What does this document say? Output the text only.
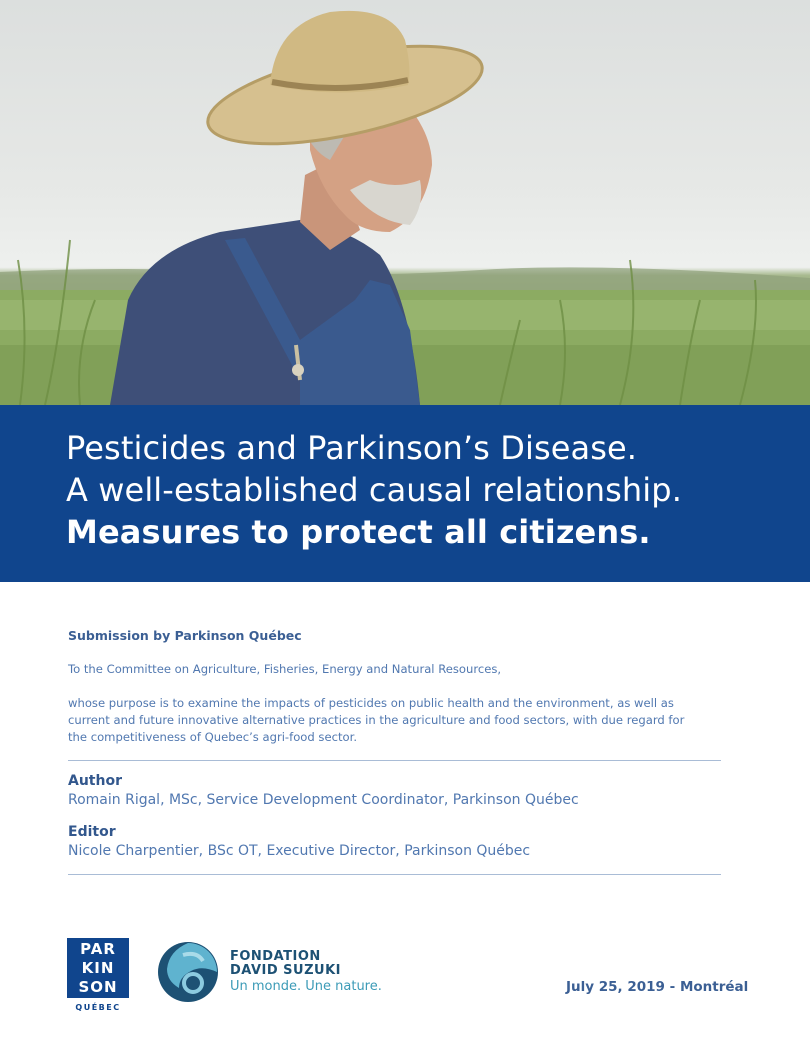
Pesticides and Parkinson’s Disease.
A well-established causal relationship.
Measures to protect all citizens.
Submission by Parkinson Québec
To the Committee on Agriculture, Fisheries, Energy and Natural Resources,
whose purpose is to examine the impacts of pesticides on public health and the environment, as well as
current and future innovative alternative practices in the agriculture and food sectors, with due regard for
the competitiveness of Quebec’s agri-food sector.
Author
Romain Rigal, MSc, Service Development Coordinator, Parkinson Québec
Editor
Nicole Charpentier, BSc OT, Executive Director, Parkinson Québec
PAR
KIN
SON
QUÉBEC
FONDATION
DAVID SUZUKI
Un monde. Une nature.	July 25, 2019 - Montréal
